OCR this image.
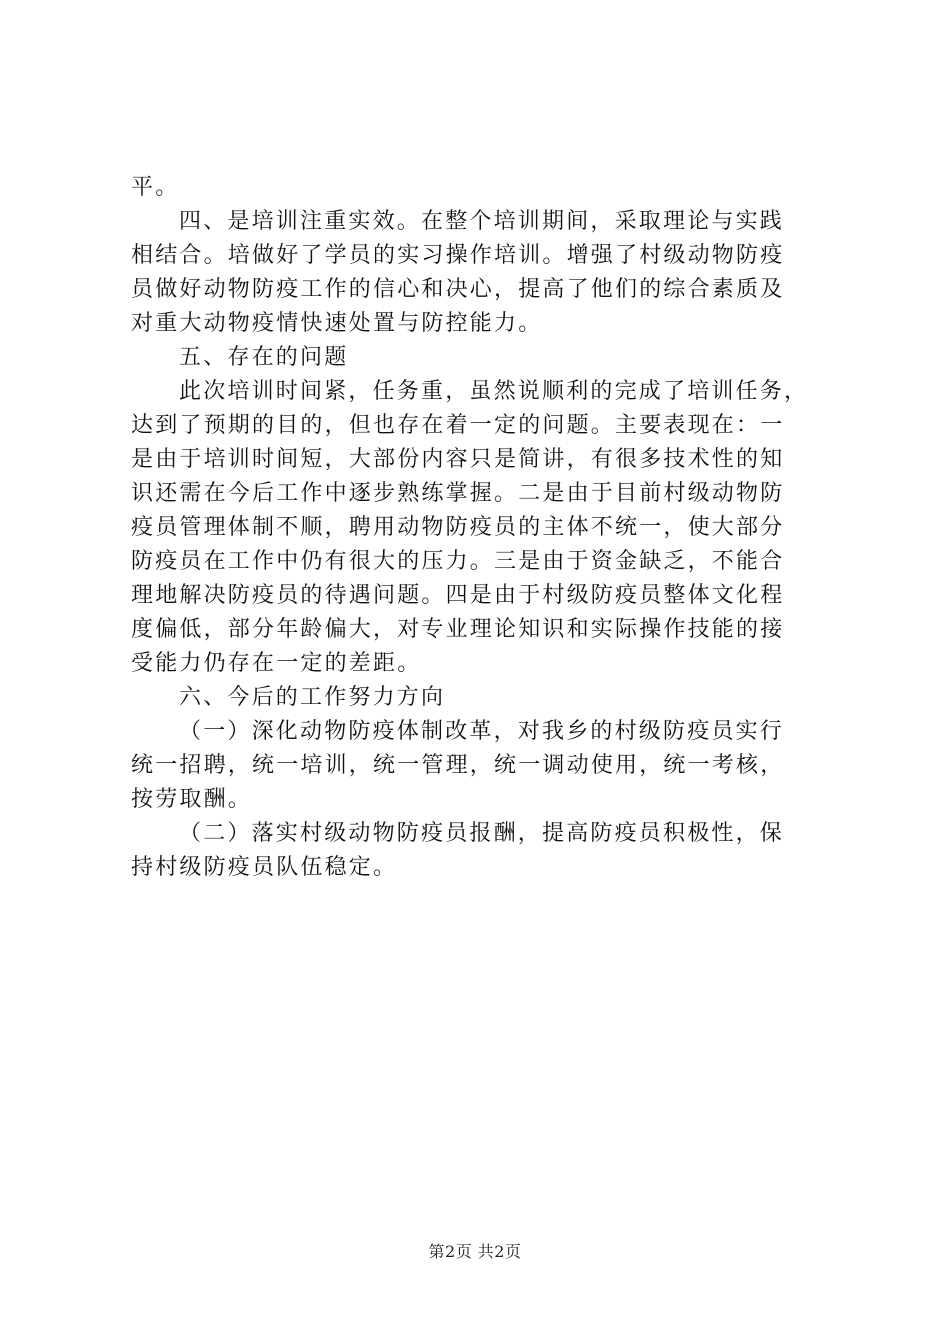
平。
四、是培训注重实效。在整个培训期间，采取理论与实践
相结合。培做好了学员的实习操作培训。增强了村级动物防疫
员做好动物防疫工作的信心和决心，提高了他们的综合素质及
对重大动物疫情快速处置与防控能力。
五、存在的问题
此次培训时间紧，任务重，虽然说顺利的完成了培训任务，
达到了预期的目的，但也存在着一定的问题。主要表现在：一
是由于培训时间短，大部份内容只是简讲，有很多技术性的知
识还需在今后工作中逐步熟练掌握。二是由于目前村级动物防
疫员管理体制不顺，聘用动物防疫员的主体不统一，使大部分
防疫员在工作中仍有很大的压力。三是由于资金缺乏，不能合
理地解决防疫员的待遇问题。四是由于村级防疫员整体文化程
度偏低，部分年龄偏大，对专业理论知识和实际操作技能的接
受能力仍存在一定的差距。
六、今后的工作努力方向
（一）深化动物防疫体制改革，对我乡的村级防疫员实行
统一招聘，统一培训，统一管理，统一调动使用，统一考核，
按劳取酬。
（二）落实村级动物防疫员报酬，提高防疫员积极性，保
持村级防疫员队伍稳定。
第2页 共2页
